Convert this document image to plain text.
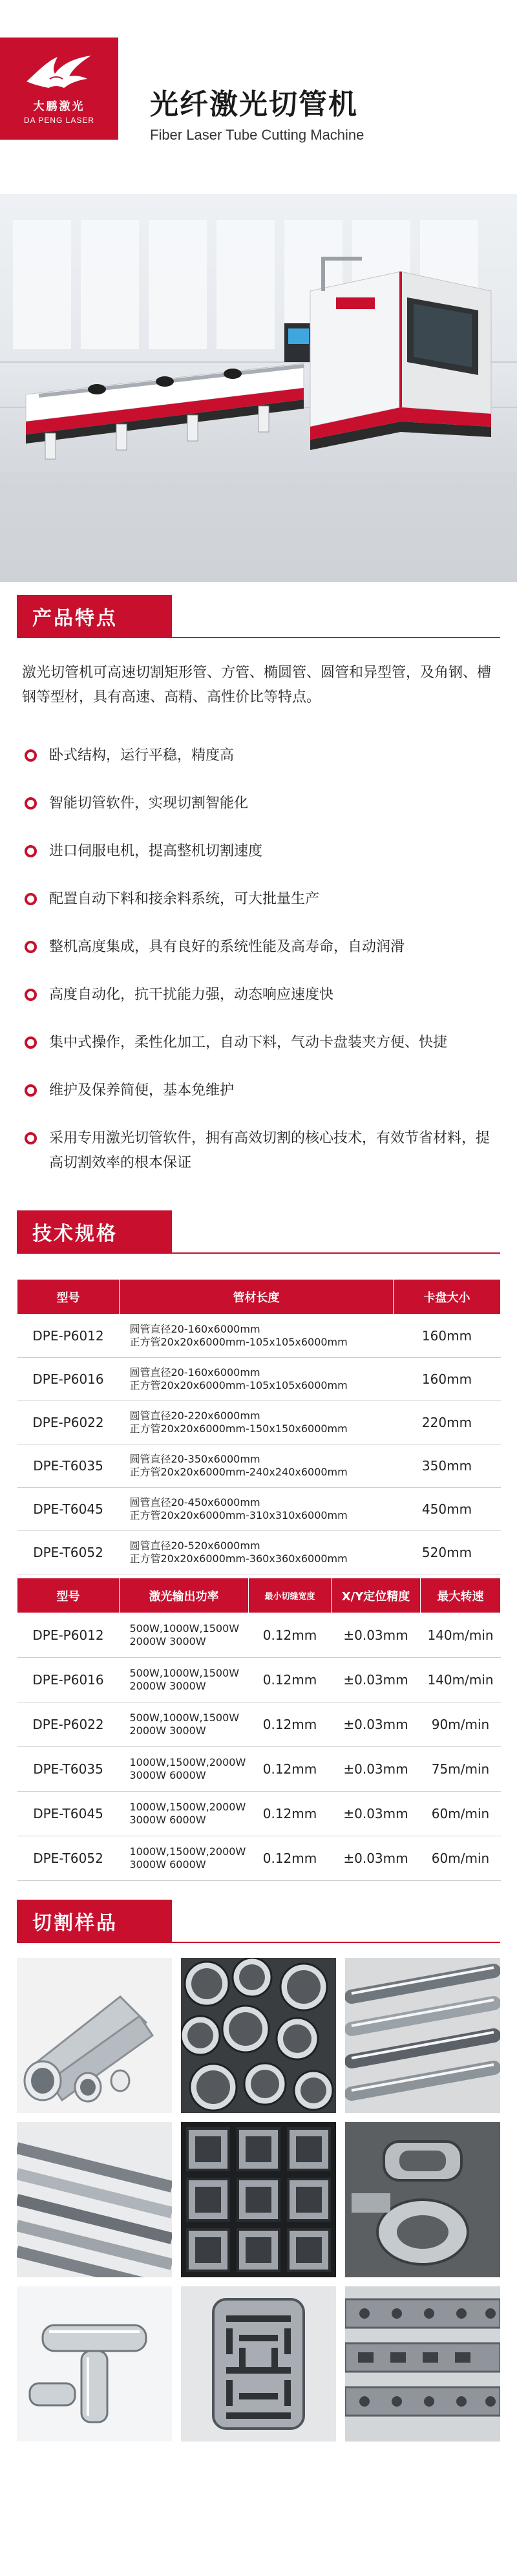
大鹏激光
DA PENG LASER 光纤激光切管机
Fiber Laser Tube Cutting Machine
产品特点

激光切管机可高速切割矩形管、方管、椭圆管、圆管和异型管，及角钢、槽钢等型材，具有高速、高精、高性价比等特点。

卧式结构，运行平稳，精度高
智能切管软件，实现切割智能化
进口伺服电机，提高整机切割速度
配置自动下料和接余料系统，可大批量生产
整机高度集成，具有良好的系统性能及高寿命，自动润滑
高度自动化，抗干扰能力强，动态响应速度快
集中式操作，柔性化加工，自动下料，气动卡盘装夹方便、快捷
维护及保养简便，基本免维护
采用专用激光切管软件，拥有高效切割的核心技术，有效节省材料，提高切割效率的根本保证
技术规格
型号	管材长度	卡盘大小
DPE-P6012	圆管直径20-160x6000mm
正方管20x20x6000mm-105x105x6000mm	160mm
DPE-P6016	圆管直径20-160x6000mm
正方管20x20x6000mm-105x105x6000mm	160mm
DPE-P6022	圆管直径20-220x6000mm
正方管20x20x6000mm-150x150x6000mm	220mm
DPE-T6035	圆管直径20-350x6000mm
正方管20x20x6000mm-240x240x6000mm	350mm
DPE-T6045	圆管直径20-450x6000mm
正方管20x20x6000mm-310x310x6000mm	450mm
DPE-T6052	圆管直径20-520x6000mm
正方管20x20x6000mm-360x360x6000mm	520mm
型号	激光输出功率	最小切缝宽度	X/Y定位精度	最大转速
DPE-P6012	500W,1000W,1500W
2000W 3000W	0.12mm	±0.03mm	140m/min
DPE-P6016	500W,1000W,1500W
2000W 3000W	0.12mm	±0.03mm	140m/min
DPE-P6022	500W,1000W,1500W
2000W 3000W	0.12mm	±0.03mm	90m/min
DPE-T6035	1000W,1500W,2000W
3000W 6000W	0.12mm	±0.03mm	75m/min
DPE-T6045	1000W,1500W,2000W
3000W 6000W	0.12mm	±0.03mm	60m/min
DPE-T6052	1000W,1500W,2000W
3000W 6000W	0.12mm	±0.03mm	60m/min
切割样品
